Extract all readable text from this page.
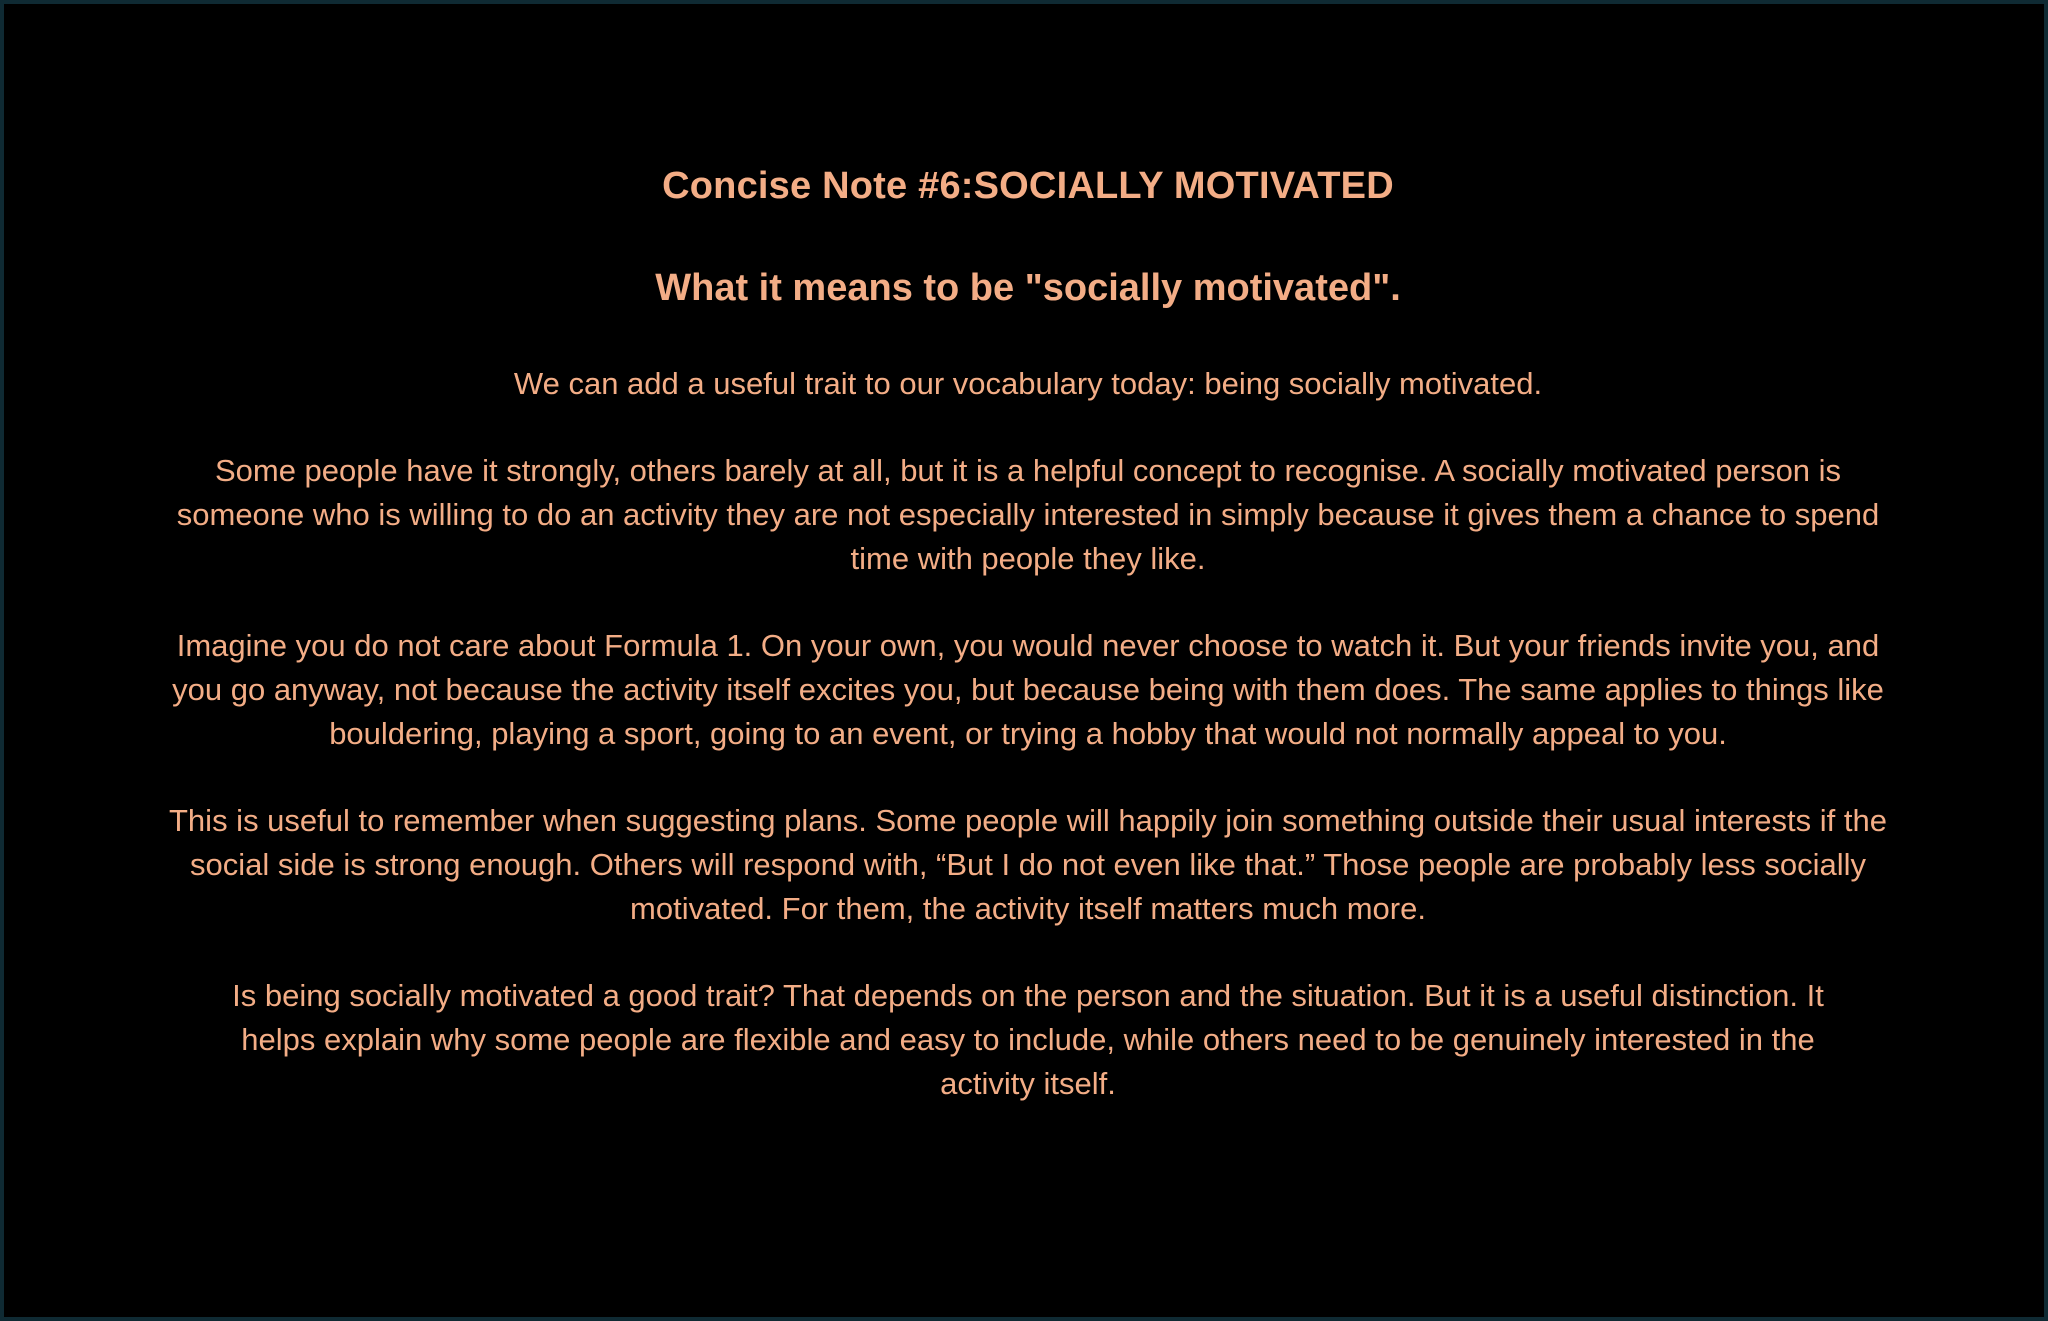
Concise Note #6:SOCIALLY MOTIVATED
What it means to be "socially motivated".

We can add a useful trait to our vocabulary today: being socially motivated.

Some people have it strongly, others barely at all, but it is a helpful concept to recognise. A socially motivated person is someone who is willing to do an activity they are not especially interested in simply because it gives them a chance to spend time with people they like.

Imagine you do not care about Formula 1. On your own, you would never choose to watch it. But your friends invite you, and you go anyway, not because the activity itself excites you, but because being with them does. The same applies to things like bouldering, playing a sport, going to an event, or trying a hobby that would not normally appeal to you.

This is useful to remember when suggesting plans. Some people will happily join something outside their usual interests if the social side is strong enough. Others will respond with, “But I do not even like that.” Those people are probably less socially motivated. For them, the activity itself matters much more.

Is being socially motivated a good trait? That depends on the person and the situation. But it is a useful distinction. It helps explain why some people are flexible and easy to include, while others need to be genuinely interested in the activity itself.
